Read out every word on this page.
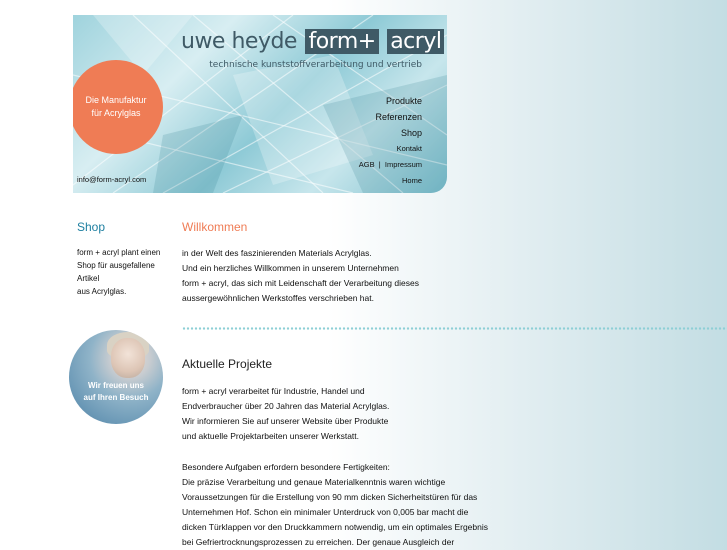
uwe heyde form+ acryl
technische kunststoffverarbeitung und vertrieb
Die Manufaktur
für Acrylglas
Produkte
Referenzen
Shop
Kontakt
AGB | Impressum
Home
info@form-acryl.com
Shop
form + acryl plant einen
Shop für ausgefallene
Artikel
aus Acrylglas.
Wir freuen uns
auf Ihren Besuch
Willkommen
in der Welt des faszinierenden Materials Acrylglas.
Und ein herzliches Willkommen in unserem Unternehmen
form + acryl, das sich mit Leidenschaft der Verarbeitung dieses
aussergewöhnlichen Werkstoffes verschrieben hat.
Aktuelle Projekte
form + acryl verarbeitet für Industrie, Handel und
Endverbraucher über 20 Jahren das Material Acrylglas.
Wir informieren Sie auf unserer Website über Produkte
und aktuelle Projektarbeiten unserer Werkstatt.
Besondere Aufgaben erfordern besondere Fertigkeiten:
Die präzise Verarbeitung und genaue Materialkenntnis waren wichtige
Voraussetzungen für die Erstellung von 90 mm dicken Sicherheitstüren für das
Unternehmen Hof. Schon ein minimaler Unterdruck von 0,005 bar macht die
dicken Türklappen vor den Druckkammern notwendig, um ein optimales Ergebnis
bei Gefriertrocknungsprozessen zu erreichen. Der genaue Ausgleich der
